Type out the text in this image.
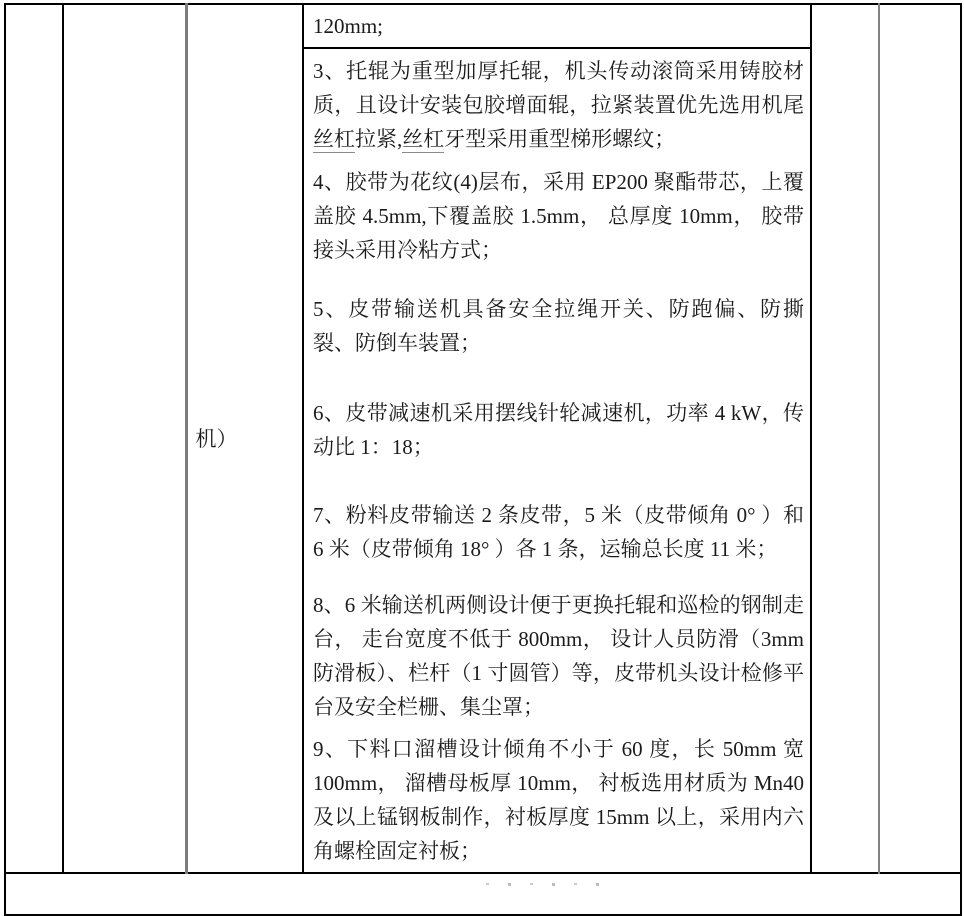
		机）	120mm;		
3、托辊为重型加厚托辊，机头传动滚筒采用铸胶材质，且设计安装包胶增面辊，拉紧装置优先选用机尾丝杠拉紧,丝杠牙型采用重型梯形螺纹；
4、胶带为花纹(4)层布，采用 EP200 聚酯带芯，上覆盖胶 4.5mm,下覆盖胶 1.5mm， 总厚度 10mm， 胶带接头采用冷粘方式；
5、皮带输送机具备安全拉绳开关、防跑偏、防撕裂、防倒车装置；
6、皮带减速机采用摆线针轮减速机，功率 4 kW，传动比 1：18；
7、粉料皮带输送 2 条皮带，5 米（皮带倾角 0° ）和 6 米（皮带倾角 18° ）各 1 条，运输总长度 11 米；
8、6 米输送机两侧设计便于更换托辊和巡检的钢制走台， 走台宽度不低于 800mm， 设计人员防滑（3mm 防滑板）、栏杆（1 寸圆管）等，皮带机头设计检修平台及安全栏栅、集尘罩；
9、下料口溜槽设计倾角不小于 60 度，长 50mm 宽 100mm， 溜槽母板厚 10mm， 衬板选用材质为 Mn40 及以上锰钢板制作，衬板厚度 15mm 以上，采用内六角螺栓固定衬板；
